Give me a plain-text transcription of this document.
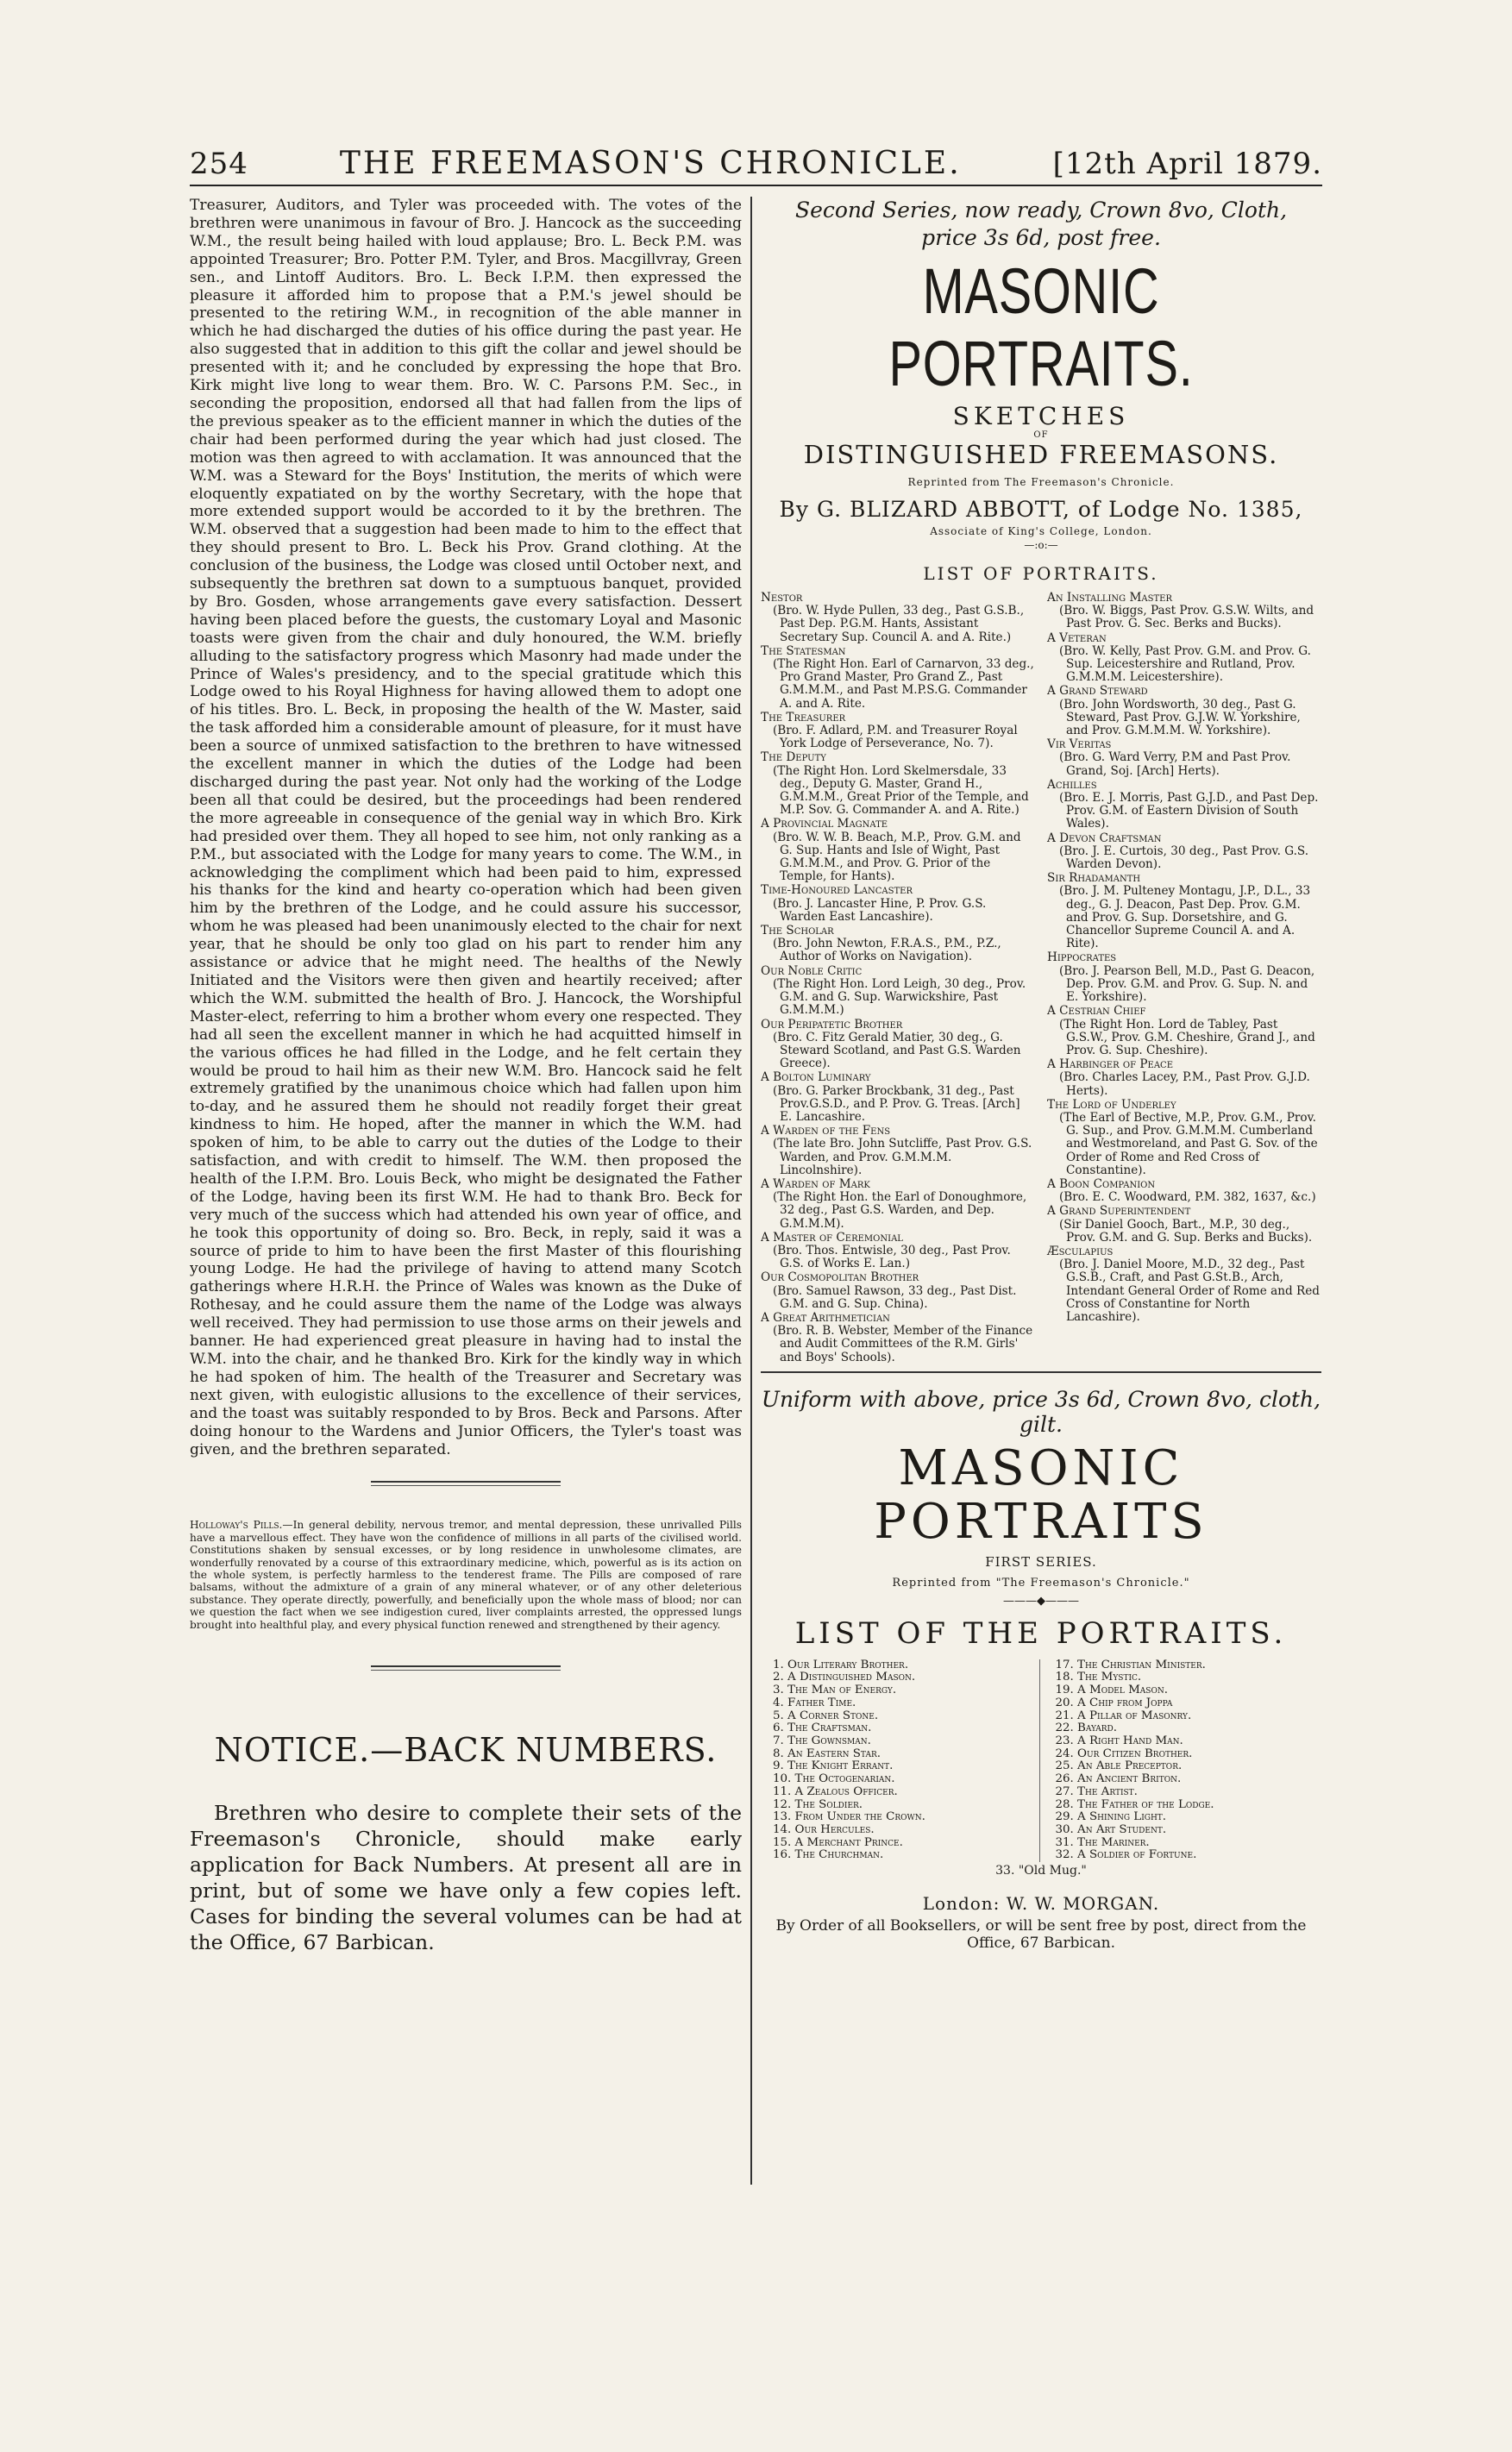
254	THE FREEMASON'S CHRONICLE.	[12th April 1879.

Treasurer, Auditors, and Tyler was proceeded with. The votes of the brethren were unanimous in favour of Bro. J. Hancock as the succeeding W.M., the result being hailed with loud applause; Bro. L. Beck P.M. was appointed Treasurer; Bro. Potter P.M. Tyler, and Bros. Macgillvray, Green sen., and Lintoff Auditors. Bro. L. Beck I.P.M. then expressed the pleasure it afforded him to propose that a P.M.'s jewel should be presented to the retiring W.M., in recognition of the able manner in which he had discharged the duties of his office during the past year. He also suggested that in addition to this gift the collar and jewel should be presented with it; and he concluded by expressing the hope that Bro. Kirk might live long to wear them. Bro. W. C. Parsons P.M. Sec., in seconding the proposition, endorsed all that had fallen from the lips of the previous speaker as to the efficient manner in which the duties of the chair had been performed during the year which had just closed. The motion was then agreed to with acclamation. It was announced that the W.M. was a Steward for the Boys' Institution, the merits of which were eloquently expatiated on by the worthy Secretary, with the hope that more extended support would be accorded to it by the brethren. The W.M. observed that a suggestion had been made to him to the effect that they should present to Bro. L. Beck his Prov. Grand clothing. At the conclusion of the business, the Lodge was closed until October next, and subsequently the brethren sat down to a sumptuous banquet, provided by Bro. Gosden, whose arrangements gave every satisfaction. Dessert having been placed before the guests, the customary Loyal and Masonic toasts were given from the chair and duly honoured, the W.M. briefly alluding to the satisfactory progress which Masonry had made under the Prince of Wales's presidency, and to the special gratitude which this Lodge owed to his Royal Highness for having allowed them to adopt one of his titles. Bro. L. Beck, in proposing the health of the W. Master, said the task afforded him a considerable amount of pleasure, for it must have been a source of unmixed satisfaction to the brethren to have witnessed the excellent manner in which the duties of the Lodge had been discharged during the past year. Not only had the working of the Lodge been all that could be desired, but the proceedings had been rendered the more agreeable in consequence of the genial way in which Bro. Kirk had presided over them. They all hoped to see him, not only ranking as a P.M., but associated with the Lodge for many years to come. The W.M., in acknowledging the compliment which had been paid to him, expressed his thanks for the kind and hearty co-operation which had been given him by the brethren of the Lodge, and he could assure his successor, whom he was pleased had been unanimously elected to the chair for next year, that he should be only too glad on his part to render him any assistance or advice that he might need. The healths of the Newly Initiated and the Visitors were then given and heartily received; after which the W.M. submitted the health of Bro. J. Hancock, the Worshipful Master-elect, referring to him a brother whom every one respected. They had all seen the excellent manner in which he had acquitted himself in the various offices he had filled in the Lodge, and he felt certain they would be proud to hail him as their new W.M. Bro. Hancock said he felt extremely gratified by the unanimous choice which had fallen upon him to-day, and he assured them he should not readily forget their great kindness to him. He hoped, after the manner in which the W.M. had spoken of him, to be able to carry out the duties of the Lodge to their satisfaction, and with credit to himself. The W.M. then proposed the health of the I.P.M. Bro. Louis Beck, who might be designated the Father of the Lodge, having been its first W.M. He had to thank Bro. Beck for very much of the success which had attended his own year of office, and he took this opportunity of doing so. Bro. Beck, in reply, said it was a source of pride to him to have been the first Master of this flourishing young Lodge. He had the privilege of having to attend many Scotch gatherings where H.R.H. the Prince of Wales was known as the Duke of Rothesay, and he could assure them the name of the Lodge was always well received. They had permission to use those arms on their jewels and banner. He had experienced great pleasure in having had to instal the W.M. into the chair, and he thanked Bro. Kirk for the kindly way in which he had spoken of him. The health of the Treasurer and Secretary was next given, with eulogistic allusions to the excellence of their services, and the toast was suitably responded to by Bros. Beck and Parsons. After doing honour to the Wardens and Junior Officers, the Tyler's toast was given, and the brethren separated.

Holloway's Pills.—In general debility, nervous tremor, and mental depression, these unrivalled Pills have a marvellous effect. They have won the confidence of millions in all parts of the civilised world. Constitutions shaken by sensual excesses, or by long residence in unwholesome climates, are wonderfully renovated by a course of this extraordinary medicine, which, powerful as is its action on the whole system, is perfectly harmless to the tenderest frame. The Pills are composed of rare balsams, without the admixture of a grain of any mineral whatever, or of any other deleterious substance. They operate directly, powerfully, and beneficially upon the whole mass of blood; nor can we question the fact when we see indigestion cured, liver complaints arrested, the oppressed lungs brought into healthful play, and every physical function renewed and strengthened by their agency.
NOTICE.—BACK NUMBERS.
Brethren who desire to complete their sets of the Freemason's Chronicle, should make early application for Back Numbers. At present all are in print, but of some we have only a few copies left. Cases for binding the several volumes can be had at the Office, 67 Barbican.
Second Series, now ready, Crown 8vo, Cloth,
price 3s 6d, post free.
MASONIC PORTRAITS.
SKETCHES
OF
DISTINGUISHED FREEMASONS.
Reprinted from The Freemason's Chronicle.
By G. BLIZARD ABBOTT, of Lodge No. 1385,
Associate of King's College, London.
—:o:—
LIST OF PORTRAITS.
Nestor
(Bro. W. Hyde Pullen, 33 deg., Past G.S.B., Past Dep. P.G.M. Hants, Assistant Secretary Sup. Council A. and A. Rite.)
The Statesman
(The Right Hon. Earl of Carnarvon, 33 deg., Pro Grand Master, Pro Grand Z., Past G.M.M.M., and Past M.P.S.G. Commander A. and A. Rite.
The Treasurer
(Bro. F. Adlard, P.M. and Treasurer Royal York Lodge of Perseverance, No. 7).
The Deputy
(The Right Hon. Lord Skelmersdale, 33 deg., Deputy G. Master, Grand H., G.M.M.M., Great Prior of the Temple, and M.P. Sov. G. Commander A. and A. Rite.)
A Provincial Magnate
(Bro. W. W. B. Beach, M.P., Prov. G.M. and G. Sup. Hants and Isle of Wight, Past G.M.M.M., and Prov. G. Prior of the Temple, for Hants).
Time-Honoured Lancaster
(Bro. J. Lancaster Hine, P. Prov. G.S. Warden East Lancashire).
The Scholar
(Bro. John Newton, F.R.A.S., P.M., P.Z., Author of Works on Navigation).
Our Noble Critic
(The Right Hon. Lord Leigh, 30 deg., Prov. G.M. and G. Sup. Warwickshire, Past G.M.M.M.)
Our Peripatetic Brother
(Bro. C. Fitz Gerald Matier, 30 deg., G. Steward Scotland, and Past G.S. Warden Greece).
A Bolton Luminary
(Bro. G. Parker Brockbank, 31 deg., Past Prov.G.S.D., and P. Prov. G. Treas. [Arch] E. Lancashire.
A Warden of the Fens
(The late Bro. John Sutcliffe, Past Prov. G.S. Warden, and Prov. G.M.M.M. Lincolnshire).
A Warden of Mark
(The Right Hon. the Earl of Donoughmore, 32 deg., Past G.S. Warden, and Dep. G.M.M.M).
A Master of Ceremonial
(Bro. Thos. Entwisle, 30 deg., Past Prov. G.S. of Works E. Lan.)
Our Cosmopolitan Brother
(Bro. Samuel Rawson, 33 deg., Past Dist. G.M. and G. Sup. China).
A Great Arithmetician
(Bro. R. B. Webster, Member of the Finance and Audit Committees of the R.M. Girls' and Boys' Schools).
An Installing Master
(Bro. W. Biggs, Past Prov. G.S.W. Wilts, and Past Prov. G. Sec. Berks and Bucks).
A Veteran
(Bro. W. Kelly, Past Prov. G.M. and Prov. G. Sup. Leicestershire and Rutland, Prov. G.M.M.M. Leicestershire).
A Grand Steward
(Bro. John Wordsworth, 30 deg., Past G. Steward, Past Prov. G.J.W. W. Yorkshire, and Prov. G.M.M.M. W. Yorkshire).
Vir Veritas
(Bro. G. Ward Verry, P.M and Past Prov. Grand, Soj. [Arch] Herts).
Achilles
(Bro. E. J. Morris, Past G.J.D., and Past Dep. Prov. G.M. of Eastern Division of South Wales).
A Devon Craftsman
(Bro. J. E. Curtois, 30 deg., Past Prov. G.S. Warden Devon).
Sir Rhadamanth
(Bro. J. M. Pulteney Montagu, J.P., D.L., 33 deg., G. J. Deacon, Past Dep. Prov. G.M. and Prov. G. Sup. Dorsetshire, and G. Chancellor Supreme Council A. and A. Rite).
Hippocrates
(Bro. J. Pearson Bell, M.D., Past G. Deacon, Dep. Prov. G.M. and Prov. G. Sup. N. and E. Yorkshire).
A Cestrian Chief
(The Right Hon. Lord de Tabley, Past G.S.W., Prov. G.M. Cheshire, Grand J., and Prov. G. Sup. Cheshire).
A Harbinger of Peace
(Bro. Charles Lacey, P.M., Past Prov. G.J.D. Herts).
The Lord of Underley
(The Earl of Bective, M.P., Prov. G.M., Prov. G. Sup., and Prov. G.M.M.M. Cumberland and Westmoreland, and Past G. Sov. of the Order of Rome and Red Cross of Constantine).
A Boon Companion
(Bro. E. C. Woodward, P.M. 382, 1637, &c.)
A Grand Superintendent
(Sir Daniel Gooch, Bart., M.P., 30 deg., Prov. G.M. and G. Sup. Berks and Bucks).
Æsculapius
(Bro. J. Daniel Moore, M.D., 32 deg., Past G.S.B., Craft, and Past G.St.B., Arch, Intendant General Order of Rome and Red Cross of Constantine for North Lancashire).
Uniform with above, price 3s 6d, Crown 8vo, cloth, gilt.
MASONIC PORTRAITS
FIRST SERIES.
Reprinted from "The Freemason's Chronicle."
———◆———
LIST OF THE PORTRAITS.
1. Our Literary Brother.
2. A Distinguished Mason.
3. The Man of Energy.
4. Father Time.
5. A Corner Stone.
6. The Craftsman.
7. The Gownsman.
8. An Eastern Star.
9. The Knight Errant.
10. The Octogenarian.
11. A Zealous Officer.
12. The Soldier.
13. From Under the Crown.
14. Our Hercules.
15. A Merchant Prince.
16. The Churchman.
17. The Christian Minister.
18. The Mystic.
19. A Model Mason.
20. A Chip from Joppa
21. A Pillar of Masonry.
22. Bayard.
23. A Right Hand Man.
24. Our Citizen Brother.
25. An Able Preceptor.
26. An Ancient Briton.
27. The Artist.
28. The Father of the Lodge.
29. A Shining Light.
30. An Art Student.
31. The Mariner.
32. A Soldier of Fortune.
33. "Old Mug."
London: W. W. MORGAN.
By Order of all Booksellers, or will be sent free by post, direct from the Office, 67 Barbican.
